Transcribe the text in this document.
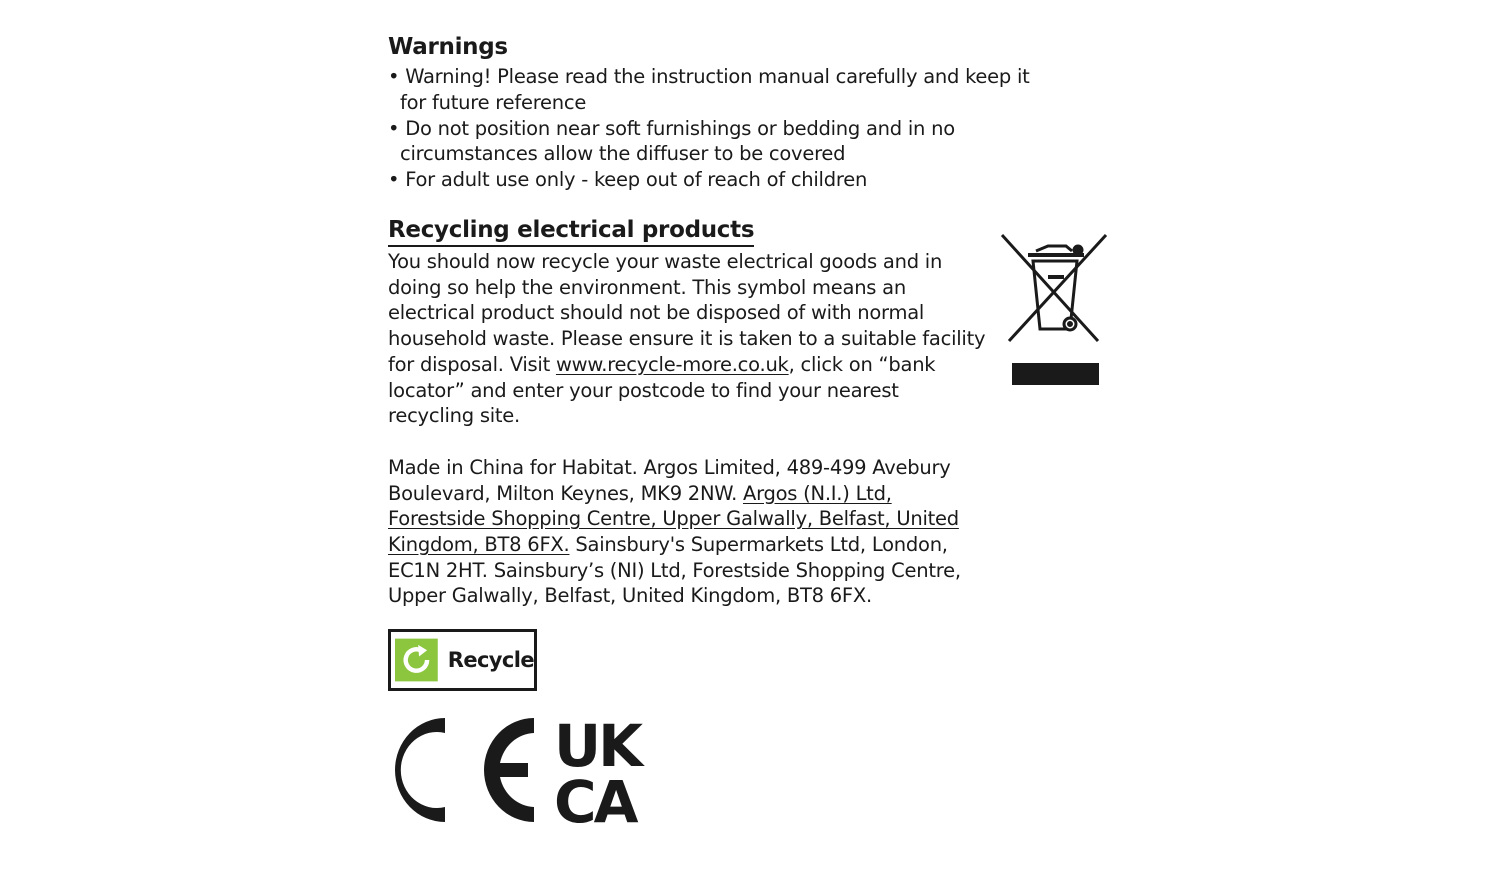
Warnings
• Warning! Please read the instruction manual carefully and keep it for future reference
• Do not position near soft furnishings or bedding and in no circumstances allow the diffuser to be covered
• For adult use only - keep out of reach of children
Recycling electrical products

You should now recycle your waste electrical goods and in doing so help the environment. This symbol means an electrical product should not be disposed of with normal household waste. Please ensure it is taken to a suitable facility for disposal. Visit www.recycle-more.co.uk, click on “bank locator” and enter your postcode to find your nearest recycling site.

Made in China for Habitat. Argos Limited, 489-499 Avebury Boulevard, Milton Keynes, MK9 2NW. Argos (N.I.) Ltd, Forestside Shopping Centre, Upper Galwally, Belfast, United Kingdom, BT8 6FX. Sainsbury's Supermarkets Ltd, London, EC1N 2HT. Sainsbury’s (NI) Ltd, Forestside Shopping Centre, Upper Galwally, Belfast, United Kingdom, BT8 6FX.

Recycle
UK
CA
